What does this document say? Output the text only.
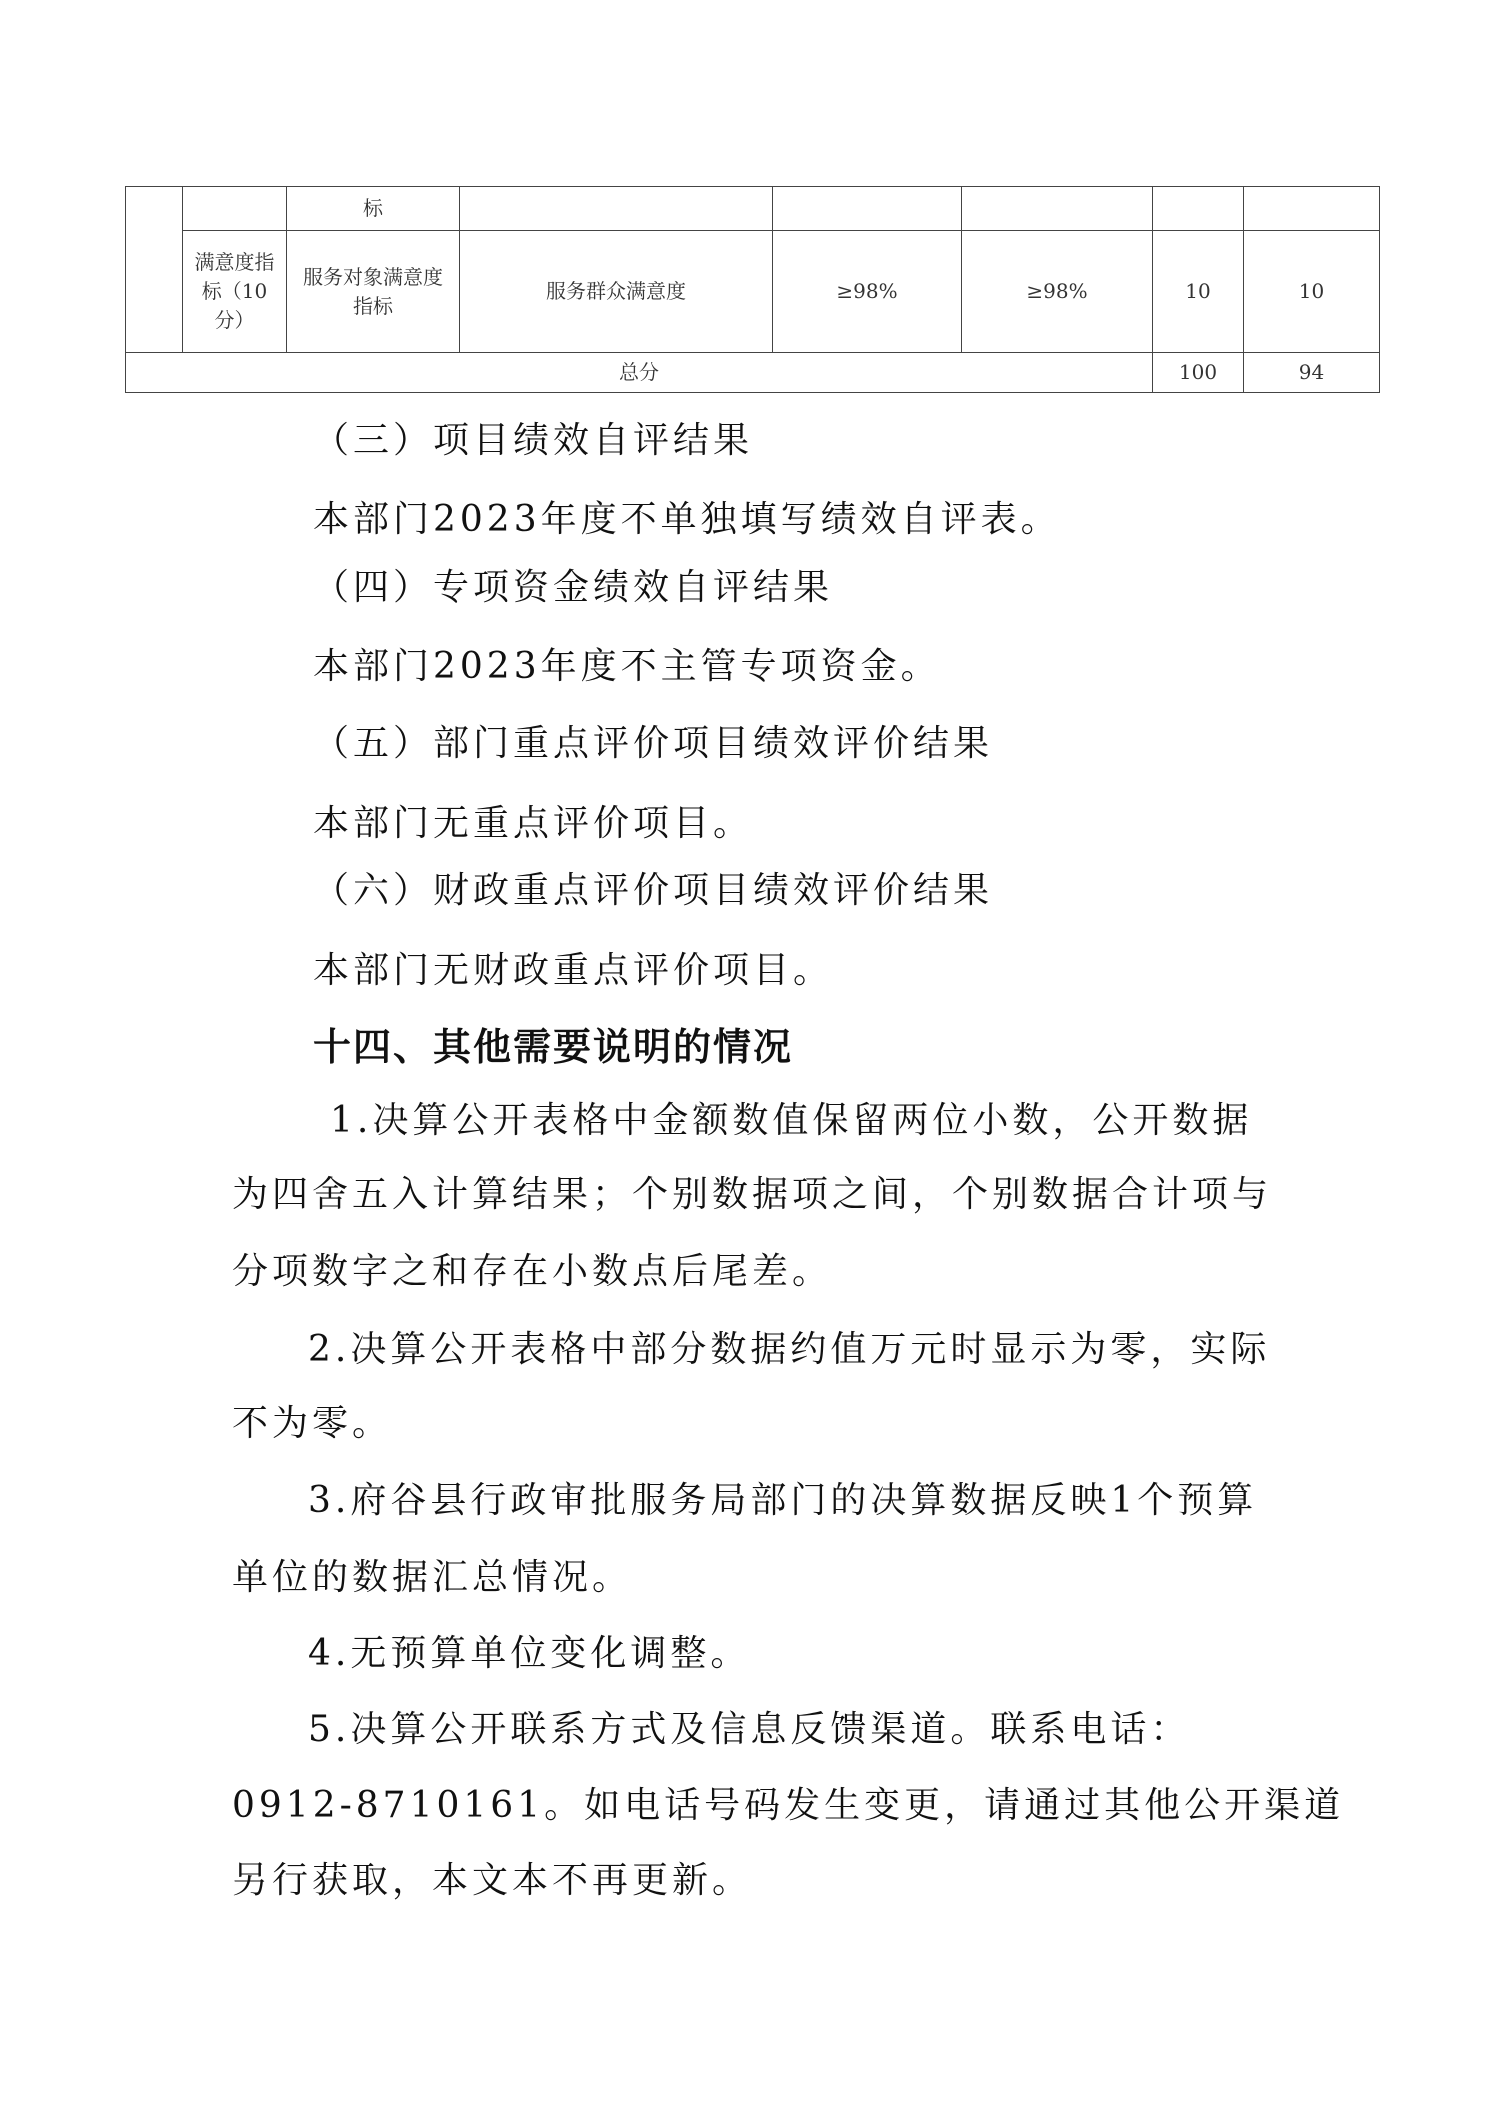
		标					
	满意度指标（10分）	服务对象满意度指标	服务群众满意度	≥98%	≥98%	10	10
总分						100	94
（三）项目绩效自评结果
本部门2023年度不单独填写绩效自评表。
（四）专项资金绩效自评结果
本部门2023年度不主管专项资金。
（五）部门重点评价项目绩效评价结果
本部门无重点评价项目。
（六）财政重点评价项目绩效评价结果
本部门无财政重点评价项目。
十四、其他需要说明的情况
1.决算公开表格中金额数值保留两位小数，公开数据
为四舍五入计算结果；个别数据项之间，个别数据合计项与
分项数字之和存在小数点后尾差。
2.决算公开表格中部分数据约值万元时显示为零，实际
不为零。
3.府谷县行政审批服务局部门的决算数据反映1个预算
单位的数据汇总情况。
4.无预算单位变化调整。
5.决算公开联系方式及信息反馈渠道。联系电话：
0912-8710161。如电话号码发生变更，请通过其他公开渠道
另行获取，本文本不再更新。
